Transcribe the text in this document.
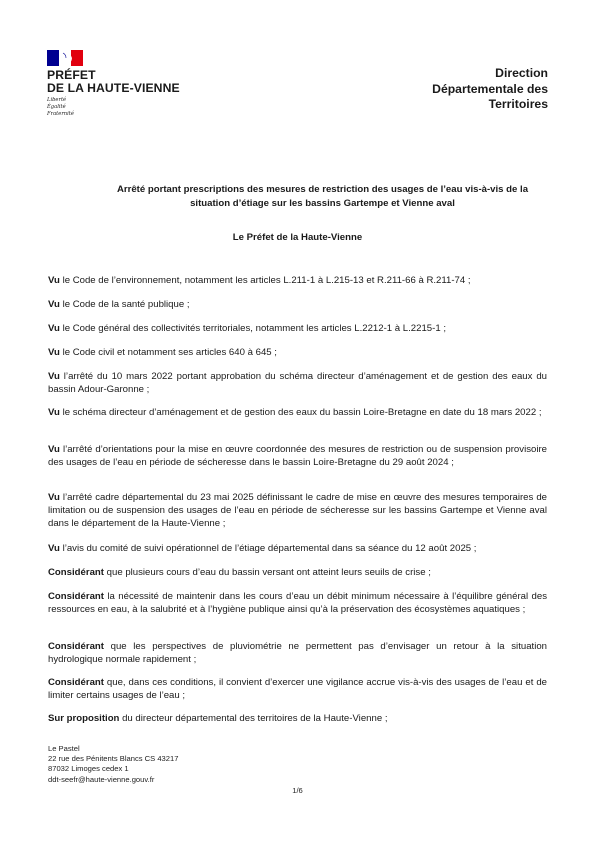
PRÉFET
DE LA HAUTE-VIENNE
Liberté
Égalité
Fraternité
Direction
Départementale des
Territoires
Arrêté portant prescriptions des mesures de restriction des usages de l’eau vis-à-vis de la situation d’étiage sur les bassins Gartempe et Vienne aval
Le Préfet de la Haute-Vienne
Vu le Code de l’environnement, notamment les articles L.211-1 à L.215-13 et R.211-66 à R.211-74 ;
Vu le Code de la santé publique ;
Vu le Code général des collectivités territoriales, notamment les articles L.2212-1 à L.2215-1 ;
Vu le Code civil et notamment ses articles 640 à 645 ;
Vu l’arrêté du 10 mars 2022 portant approbation du schéma directeur d’aménagement et de gestion des eaux du bassin Adour-Garonne ;
Vu le schéma directeur d’aménagement et de gestion des eaux du bassin Loire-Bretagne en date du 18 mars 2022 ;
Vu l’arrêté d’orientations pour la mise en œuvre coordonnée des mesures de restriction ou de suspension provisoire des usages de l’eau en période de sécheresse dans le bassin Loire-Bretagne du 29 août 2024 ;
Vu l’arrêté cadre départemental du 23 mai 2025 définissant le cadre de mise en œuvre des mesures temporaires de limitation ou de suspension des usages de l’eau en période de sécheresse sur les bassins Gartempe et Vienne aval dans le département de la Haute-Vienne ;
Vu l’avis du comité de suivi opérationnel de l’étiage départemental dans sa séance du 12 août 2025 ;
Considérant que plusieurs cours d’eau du bassin versant ont atteint leurs seuils de crise ;
Considérant la nécessité de maintenir dans les cours d’eau un débit minimum nécessaire à l’équilibre général des ressources en eau, à la salubrité et à l’hygiène publique ainsi qu’à la préservation des écosystèmes aquatiques ;
Considérant que les perspectives de pluviométrie ne permettent pas d’envisager un retour à la situation hydrologique normale rapidement ;
Considérant que, dans ces conditions, il convient d’exercer une vigilance accrue vis-à-vis des usages de l’eau et de limiter certains usages de l’eau ;
Sur proposition du directeur départemental des territoires de la Haute-Vienne ;
Le Pastel
22 rue des Pénitents Blancs CS 43217
87032 Limoges cedex 1
ddt-seefr@haute-vienne.gouv.fr
1/6
